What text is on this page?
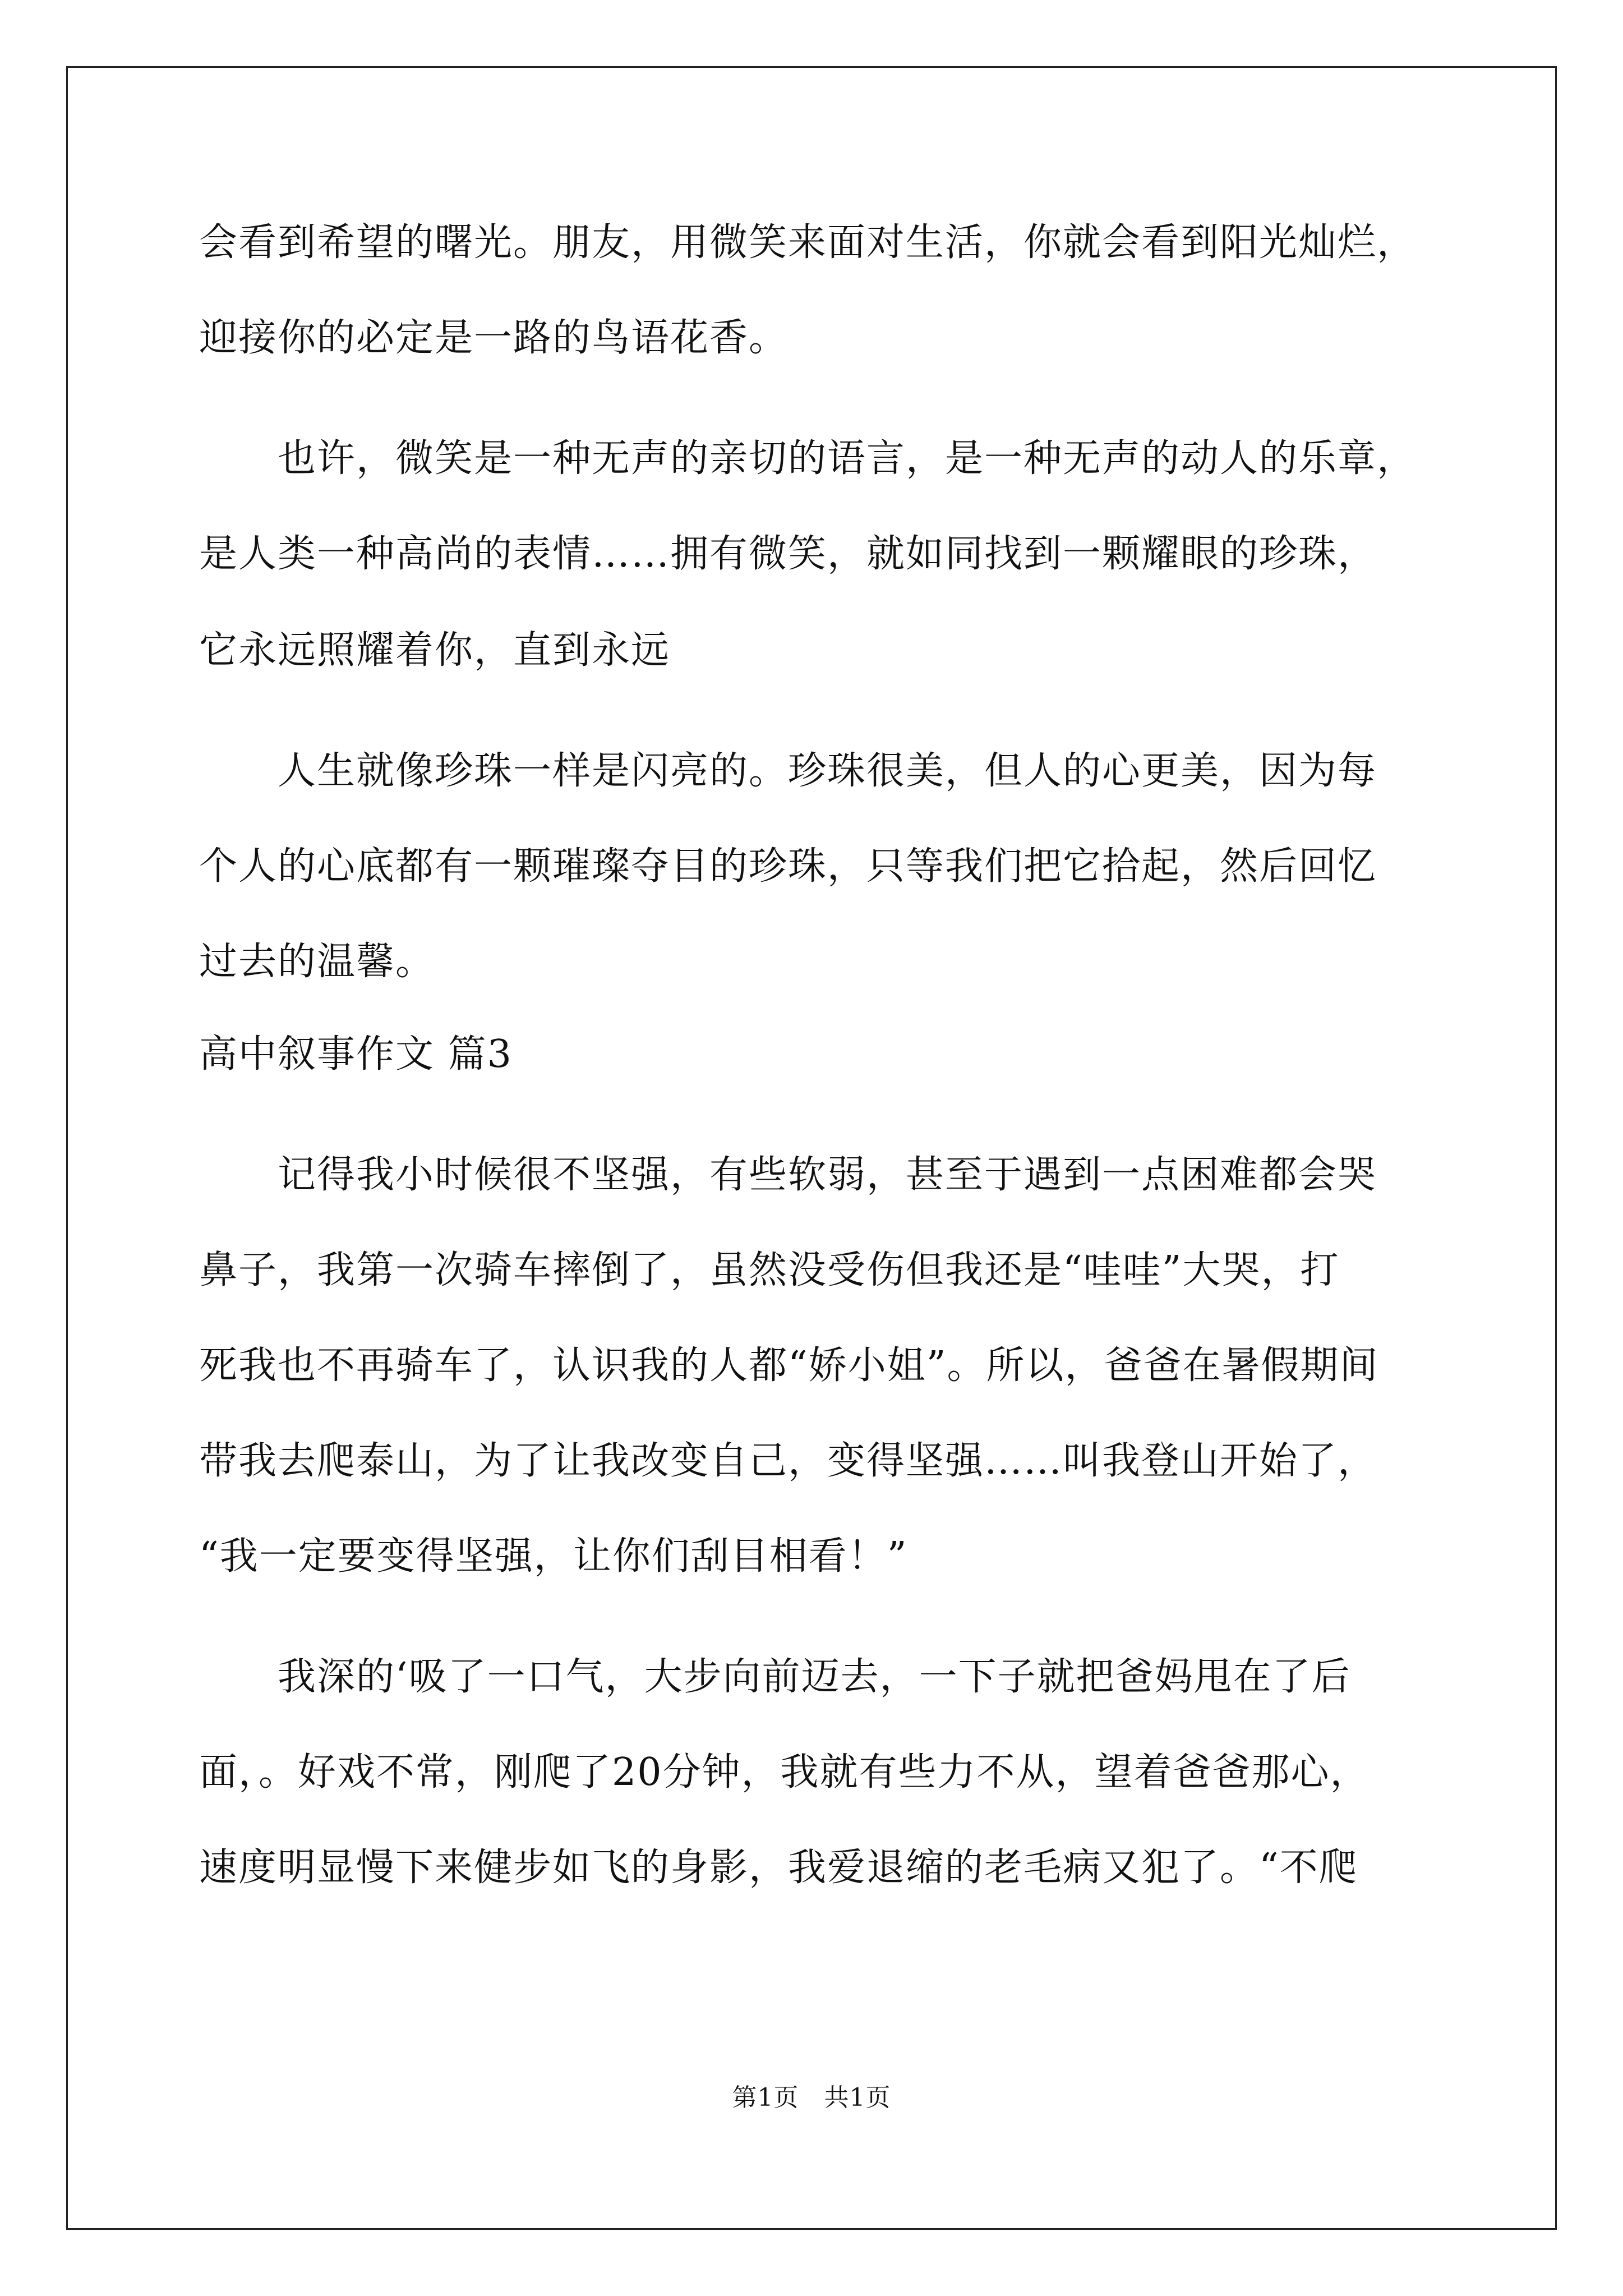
会看到希望的曙光。朋友，用微笑来面对生活，你就会看到阳光灿烂，
迎接你的必定是一路的鸟语花香。
　　也许，微笑是一种无声的亲切的语言，是一种无声的动人的乐章，
是人类一种高尚的表情……拥有微笑，就如同找到一颗耀眼的珍珠，
它永远照耀着你，直到永远
　　人生就像珍珠一样是闪亮的。珍珠很美，但人的心更美，因为每
个人的心底都有一颗璀璨夺目的珍珠，只等我们把它拾起，然后回忆
过去的温馨。
高中叙事作文 篇3
　　记得我小时候很不坚强，有些软弱，甚至于遇到一点困难都会哭
鼻子，我第一次骑车摔倒了，虽然没受伤但我还是“哇哇”大哭，打
死我也不再骑车了，认识我的人都“娇小姐”。所以，爸爸在暑假期间
带我去爬泰山，为了让我改变自己，变得坚强……叫我登山开始了，
“我一定要变得坚强，让你们刮目相看！”
　　我深的‘吸了一口气，大步向前迈去，一下子就把爸妈甩在了后
面，。好戏不常，刚爬了20分钟，我就有些力不从，望着爸爸那心，
速度明显慢下来健步如飞的身影，我爱退缩的老毛病又犯了。“不爬
第1页　共1页
